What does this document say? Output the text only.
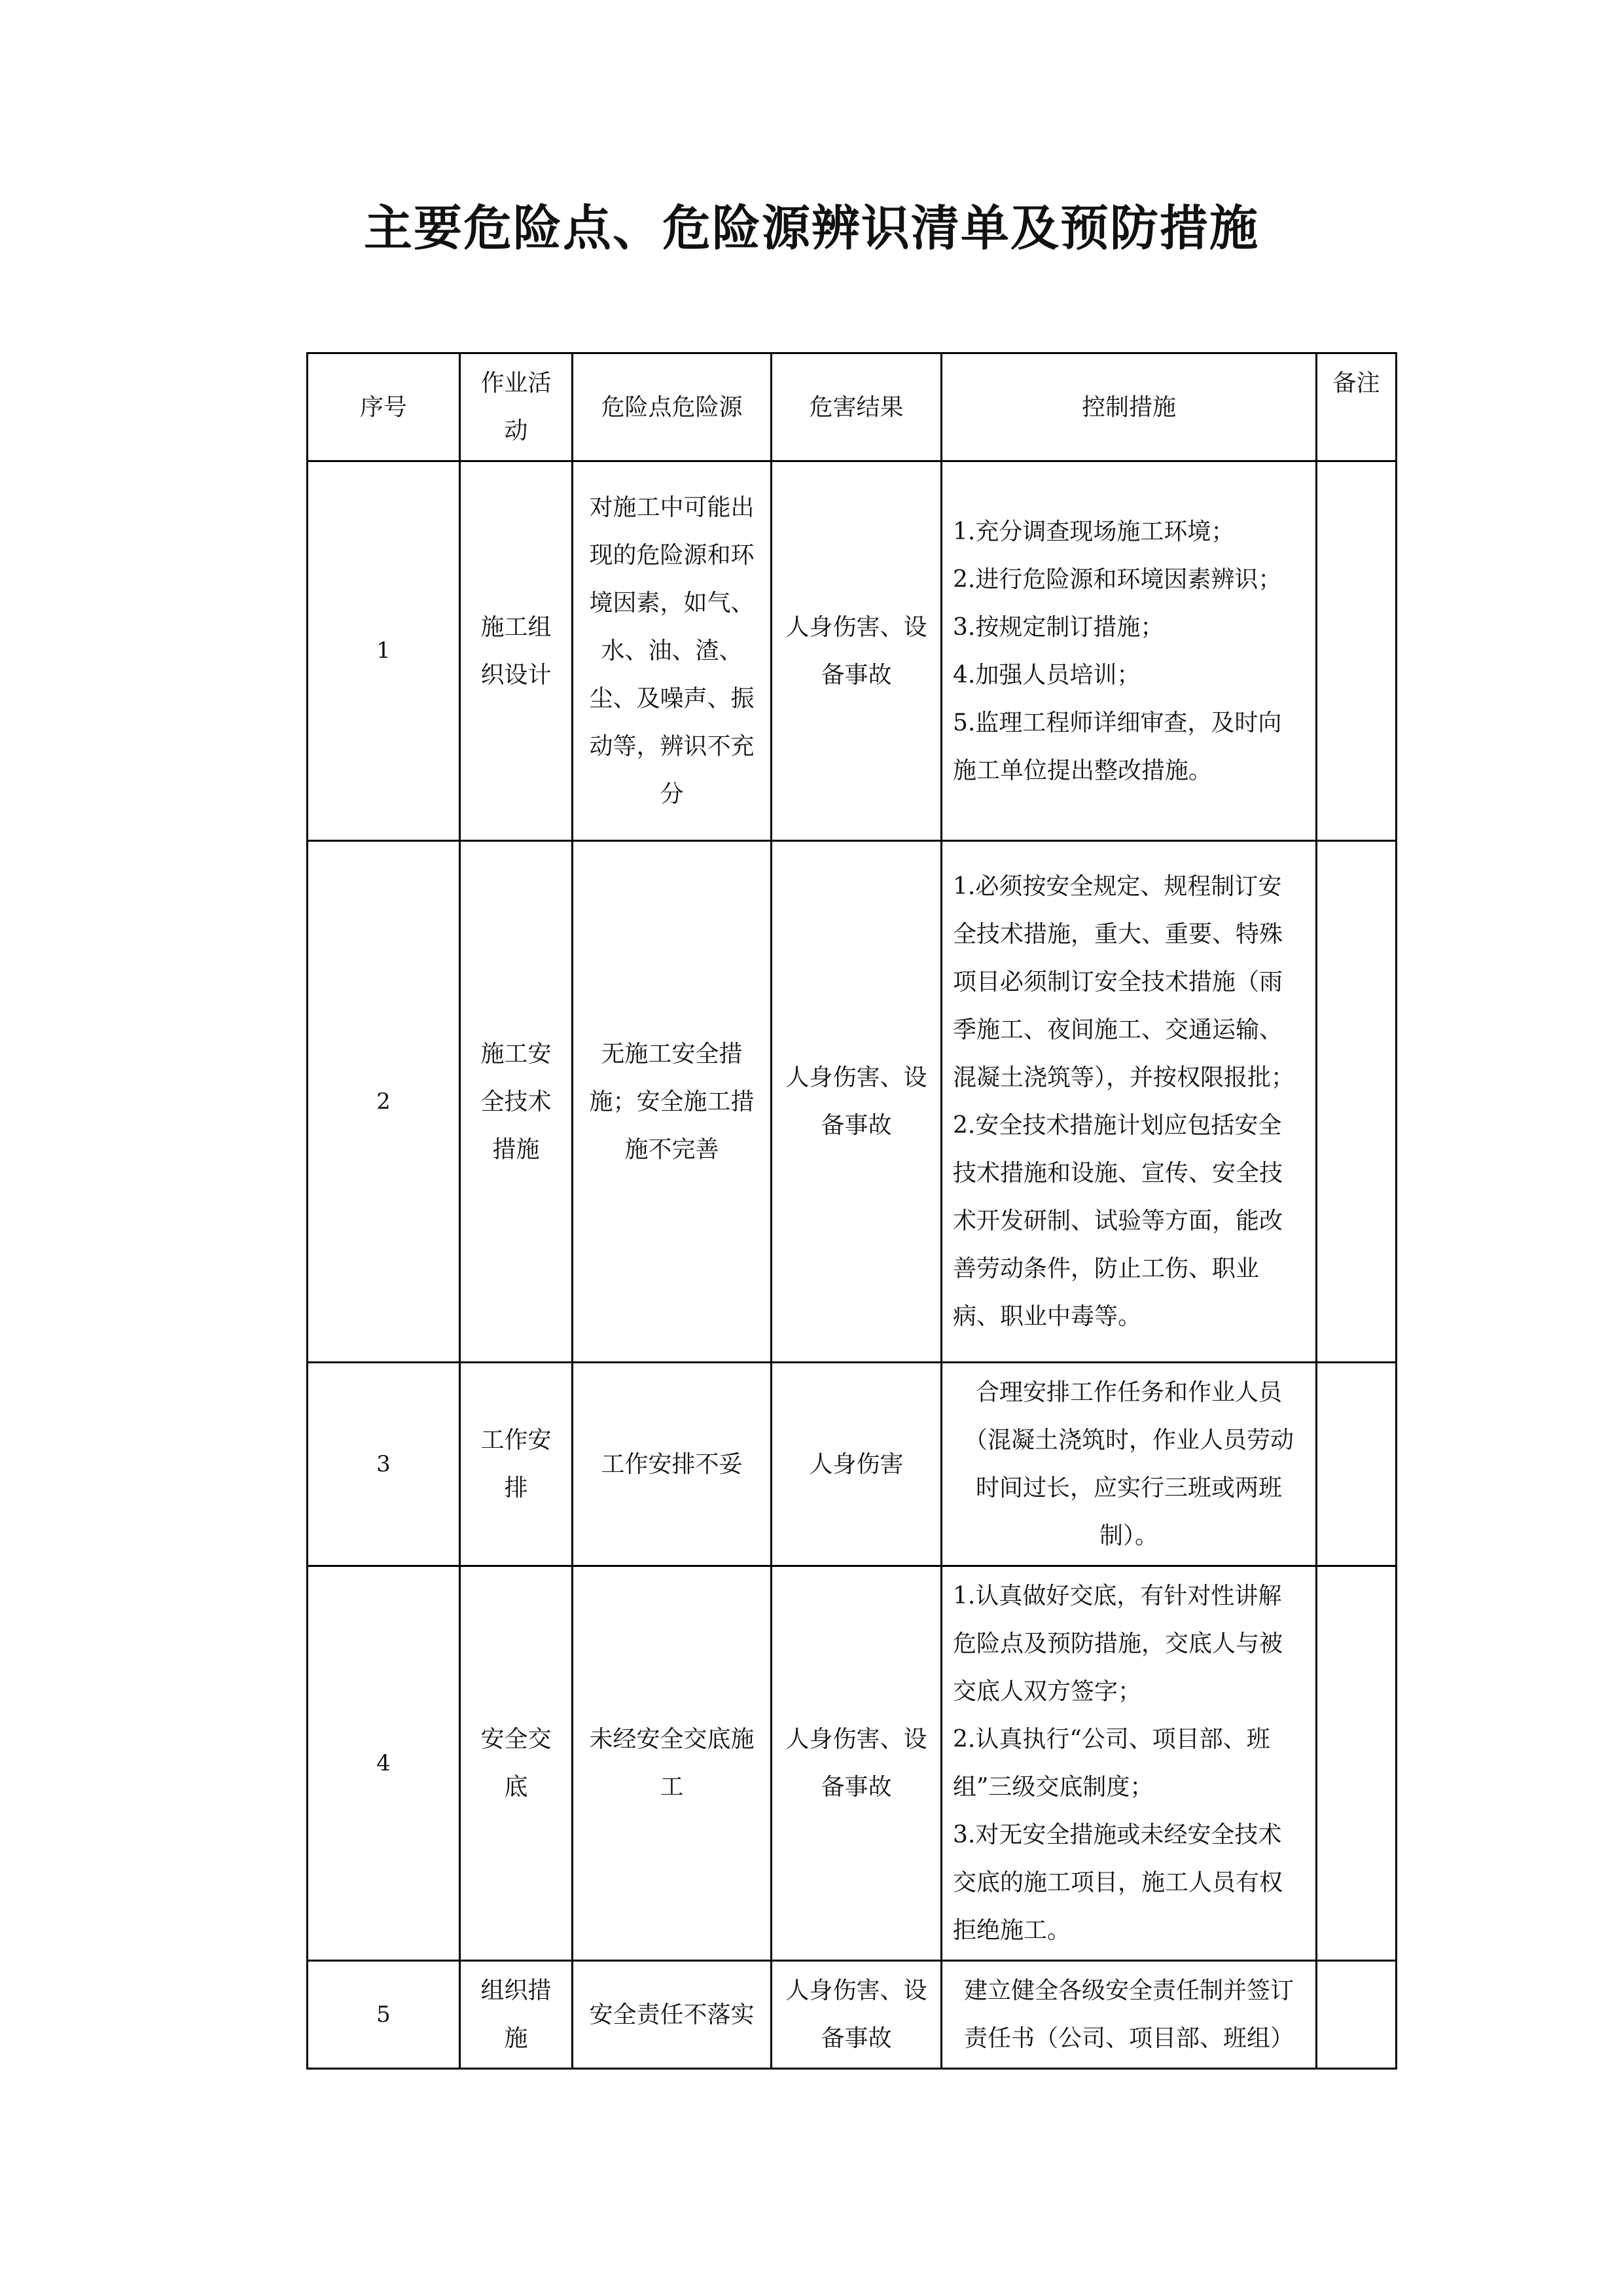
主要危险点、危险源辨识清单及预防措施
序号	作业活动	危险点危险源	危害结果	控制措施	备注
1	施工组织设计	对施工中可能出现的危险源和环境因素，如气、水、油、渣、尘、及噪声、振动等，辨识不充分	人身伤害、设备事故	1.充分调查现场施工环境；
2.进行危险源和环境因素辨识；
3.按规定制订措施；
4.加强人员培训；
5.监理工程师详细审查，及时向施工单位提出整改措施。	

2	施工安全技术措施	无施工安全措施；安全施工措施不完善	人身伤害、设备事故	1.必须按安全规定、规程制订安全技术措施，重大、重要、特殊项目必须制订安全技术措施（雨季施工、夜间施工、交通运输、混凝土浇筑等），并按权限报批；
2.安全技术措施计划应包括安全技术措施和设施、宣传、安全技术开发研制、试验等方面，能改善劳动条件，防止工伤、职业病、职业中毒等。	

3	工作安排	工作安排不妥	人身伤害	合理安排工作任务和作业人员（混凝土浇筑时，作业人员劳动时间过长，应实行三班或两班制）。	

4	安全交底	未经安全交底施工	人身伤害、设备事故	1.认真做好交底，有针对性讲解危险点及预防措施，交底人与被交底人双方签字；
2.认真执行“公司、项目部、班组”三级交底制度；
3.对无安全措施或未经安全技术交底的施工项目，施工人员有权拒绝施工。	

5	组织措施	安全责任不落实	人身伤害、设备事故	建立健全各级安全责任制并签订责任书（公司、项目部、班组）	
